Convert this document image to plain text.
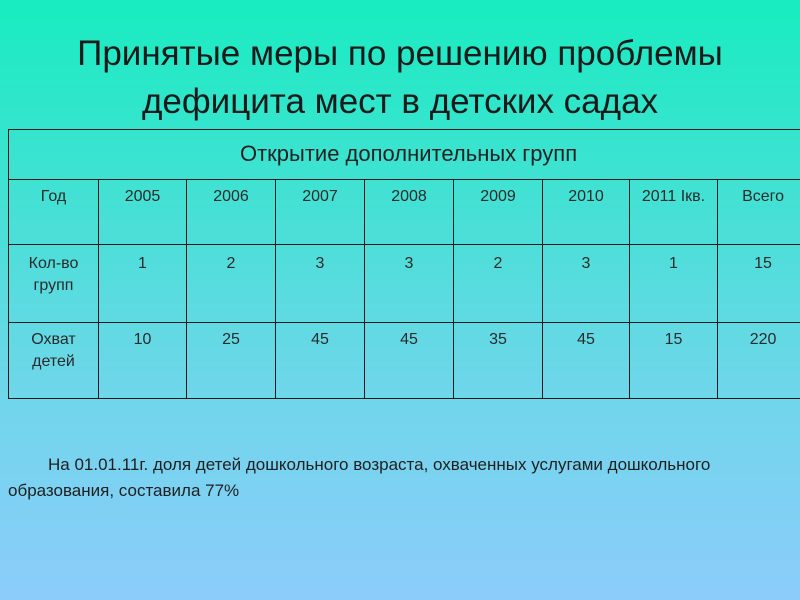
Принятые меры по решению проблемы
дефицита мест в детских садах
Открытие дополнительных групп								
Год	2005	2006	2007	2008	2009	2010	2011 Iкв.	Всего
Кол-во групп	1	2	3	3	2	3	1	15
Охват детей	10	25	45	45	35	45	15	220
На 01.01.11г. доля детей дошкольного возраста, охваченных услугами дошкольного образования, составила 77%
